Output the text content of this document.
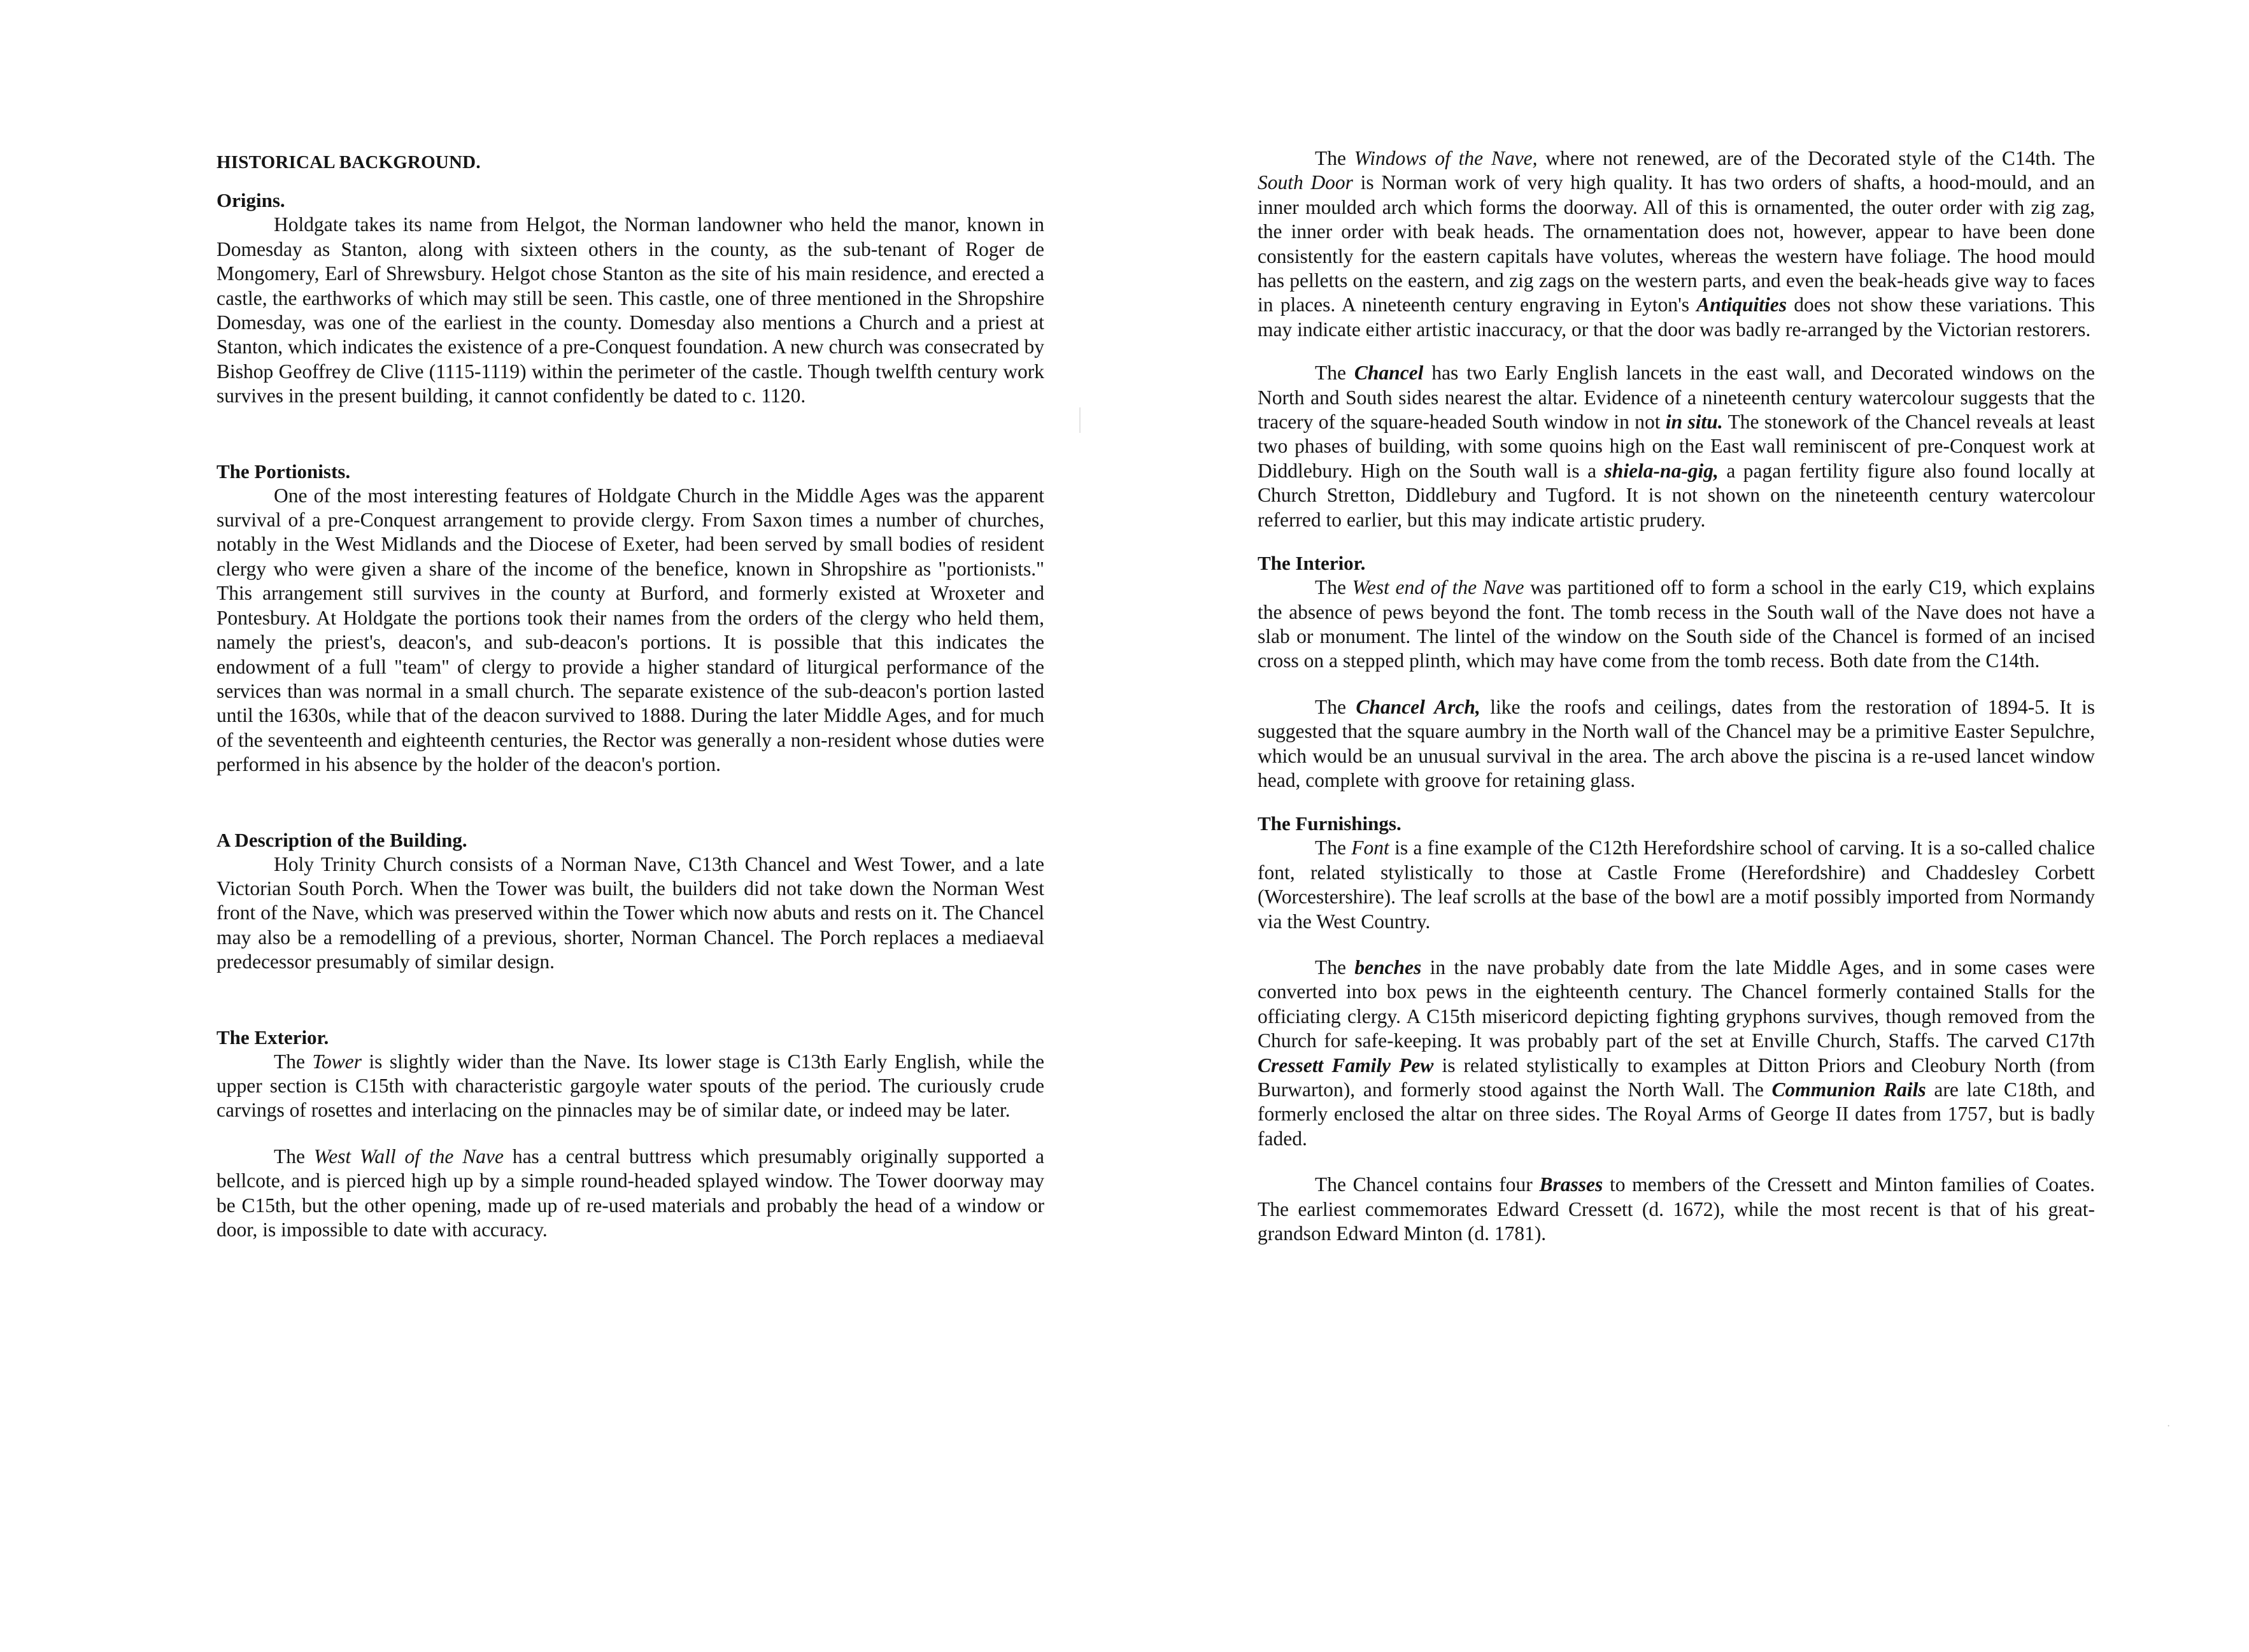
HISTORICAL BACKGROUND.
Origins.

Holdgate takes its name from Helgot, the Norman landowner who held the manor, known in Domesday as Stanton, along with sixteen others in the county, as the sub-tenant of Roger de Mongomery, Earl of Shrewsbury. Helgot chose Stanton as the site of his main residence, and erected a castle, the earthworks of which may still be seen. This castle, one of three mentioned in the Shropshire Domesday, was one of the earliest in the county. Domesday also mentions a Church and a priest at Stanton, which indicates the existence of a pre-Conquest foundation. A new church was consecrated by Bishop Geoffrey de Clive (1115-1119) within the perimeter of the castle. Though twelfth century work survives in the present building, it cannot confidently be dated to c. 1120.

The Portionists.

One of the most interesting features of Holdgate Church in the Middle Ages was the apparent survival of a pre-Conquest arrangement to provide clergy. From Saxon times a number of churches, notably in the West Midlands and the Diocese of Exeter, had been served by small bodies of resident clergy who were given a share of the income of the benefice, known in Shropshire as "portionists." This arrangement still survives in the county at Burford, and formerly existed at Wroxeter and Pontesbury. At Holdgate the portions took their names from the orders of the clergy who held them, namely the priest's, deacon's, and sub-deacon's portions. It is possible that this indicates the endowment of a full "team" of clergy to provide a higher standard of liturgical performance of the services than was normal in a small church. The separate existence of the sub-deacon's portion lasted until the 1630s, while that of the deacon survived to 1888. During the later Middle Ages, and for much of the seventeenth and eighteenth centuries, the Rector was generally a non-resident whose duties were performed in his absence by the holder of the deacon's portion.

A Description of the Building.

Holy Trinity Church consists of a Norman Nave, C13th Chancel and West Tower, and a late Victorian South Porch. When the Tower was built, the builders did not take down the Norman West front of the Nave, which was preserved within the Tower which now abuts and rests on it. The Chancel may also be a remodelling of a previous, shorter, Norman Chancel. The Porch replaces a mediaeval predecessor presumably of similar design.

The Exterior.

The Tower is slightly wider than the Nave. Its lower stage is C13th Early English, while the upper section is C15th with characteristic gargoyle water spouts of the period. The curiously crude carvings of rosettes and interlacing on the pinnacles may be of similar date, or indeed may be later.

The West Wall of the Nave has a central buttress which presumably originally supported a bellcote, and is pierced high up by a simple round-headed splayed window. The Tower doorway may be C15th, but the other opening, made up of re-used materials and probably the head of a window or door, is impossible to date with accuracy.

The Windows of the Nave, where not renewed, are of the Decorated style of the C14th. The South Door is Norman work of very high quality. It has two orders of shafts, a hood-mould, and an inner moulded arch which forms the doorway. All of this is ornamented, the outer order with zig zag, the inner order with beak heads. The ornamentation does not, however, appear to have been done consistently for the eastern capitals have volutes, whereas the western have foliage. The hood mould has pelletts on the eastern, and zig zags on the western parts, and even the beak-heads give way to faces in places. A nineteenth century engraving in Eyton's Antiquities does not show these variations. This may indicate either artistic inaccuracy, or that the door was badly re-arranged by the Victorian restorers.

The Chancel has two Early English lancets in the east wall, and Decorated windows on the North and South sides nearest the altar. Evidence of a nineteenth century watercolour suggests that the tracery of the square-headed South window in not in situ. The stonework of the Chancel reveals at least two phases of building, with some quoins high on the East wall reminiscent of pre-Conquest work at Diddlebury. High on the South wall is a shiela-na-gig, a pagan fertility figure also found locally at Church Stretton, Diddlebury and Tugford. It is not shown on the nineteenth century watercolour referred to earlier, but this may indicate artistic prudery.

The Interior.

The West end of the Nave was partitioned off to form a school in the early C19, which explains the absence of pews beyond the font. The tomb recess in the South wall of the Nave does not have a slab or monument. The lintel of the window on the South side of the Chancel is formed of an incised cross on a stepped plinth, which may have come from the tomb recess. Both date from the C14th.

The Chancel Arch, like the roofs and ceilings, dates from the restoration of 1894-5. It is suggested that the square aumbry in the North wall of the Chancel may be a primitive Easter Sepulchre, which would be an unusual survival in the area. The arch above the piscina is a re-used lancet window head, complete with groove for retaining glass.

The Furnishings.

The Font is a fine example of the C12th Herefordshire school of carving. It is a so-called chalice font, related stylistically to those at Castle Frome (Herefordshire) and Chaddesley Corbett (Worcestershire). The leaf scrolls at the base of the bowl are a motif possibly imported from Normandy via the West Country.

The benches in the nave probably date from the late Middle Ages, and in some cases were converted into box pews in the eighteenth century. The Chancel formerly contained Stalls for the officiating clergy. A C15th misericord depicting fighting gryphons survives, though removed from the Church for safe-keeping. It was probably part of the set at Enville Church, Staffs. The carved C17th Cressett Family Pew is related stylistically to examples at Ditton Priors and Cleobury North (from Burwarton), and formerly stood against the North Wall. The Communion Rails are late C18th, and formerly enclosed the altar on three sides. The Royal Arms of George II dates from 1757, but is badly faded.

The Chancel contains four Brasses to members of the Cressett and Minton families of Coates. The earliest commemorates Edward Cressett (d. 1672), while the most recent is that of his great-grandson Edward Minton (d. 1781).

·
